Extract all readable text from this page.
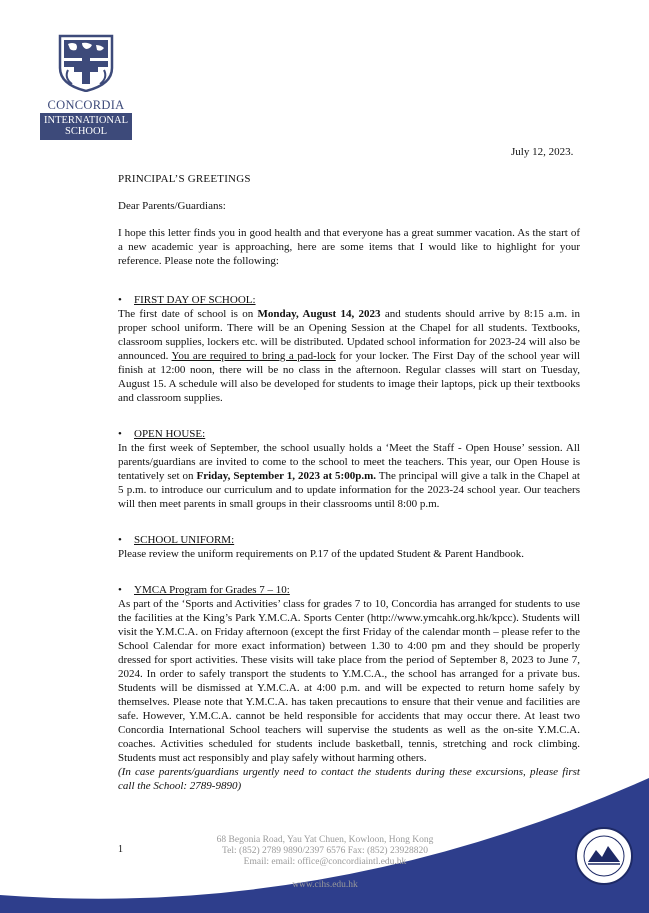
CONCORDIA
INTERNATIONAL
SCHOOL
July 12, 2023.
PRINCIPAL’S GREETINGS
Dear Parents/Guardians:

I hope this letter finds you in good health and that everyone has a great summer vacation. As the start of a new academic year is approaching, here are some items that I would like to highlight for your reference. Please note the following:

•	FIRST DAY OF SCHOOL:

The first date of school is on Monday, August 14, 2023 and students should arrive by 8:15 a.m. in proper school uniform. There will be an Opening Session at the Chapel for all students. Textbooks, classroom supplies, lockers etc. will be distributed. Updated school information for 2023-24 will also be announced. You are required to bring a pad-lock for your locker. The First Day of the school year will finish at 12:00 noon, there will be no class in the afternoon. Regular classes will start on Tuesday, August 15. A schedule will also be developed for students to image their laptops, pick up their textbooks and classroom supplies.

•	OPEN HOUSE:

In the first week of September, the school usually holds a ‘Meet the Staff - Open House’ session. All parents/guardians are invited to come to the school to meet the teachers. This year, our Open House is tentatively set on Friday, September 1, 2023 at 5:00p.m. The principal will give a talk in the Chapel at 5 p.m. to introduce our curriculum and to update information for the 2023-24 school year. Our teachers will then meet parents in small groups in their classrooms until 8:00 p.m.

•	SCHOOL UNIFORM:

Please review the uniform requirements on P.17 of the updated Student & Parent Handbook.

•	YMCA Program for Grades 7 – 10:

As part of the ‘Sports and Activities’ class for grades 7 to 10, Concordia has arranged for students to use the facilities at the King’s Park Y.M.C.A. Sports Center (http://www.ymcahk.org.hk/kpcc). Students will visit the Y.M.C.A. on Friday afternoon (except the first Friday of the calendar month – please refer to the School Calendar for more exact information) between 1.30 to 4:00 pm and they should be properly dressed for sport activities. These visits will take place from the period of September 8, 2023 to June 7, 2024. In order to safely transport the students to Y.M.C.A., the school has arranged for a private bus. Students will be dismissed at Y.M.C.A. at 4:00 p.m. and will be expected to return home safely by themselves. Please note that Y.M.C.A. has taken precautions to ensure that their venue and facilities are safe. However, Y.M.C.A. cannot be held responsible for accidents that may occur there. At least two Concordia International School teachers will supervise the students as well as the on-site Y.M.C.A. coaches. Activities scheduled for students include basketball, tennis, stretching and rock climbing. Students must act responsibly and play safely without harming others.

(In case parents/guardians urgently need to contact the students during these excursions, please first call the School: 2789-9890)

1
68 Begonia Road, Yau Yat Chuen, Kowloon, Hong Kong
Tel: (852) 2789 9890/2397 6576 Fax: (852) 23928820
Email: email: office@concordiaintl.edu.hk
www.cihs.edu.hk
